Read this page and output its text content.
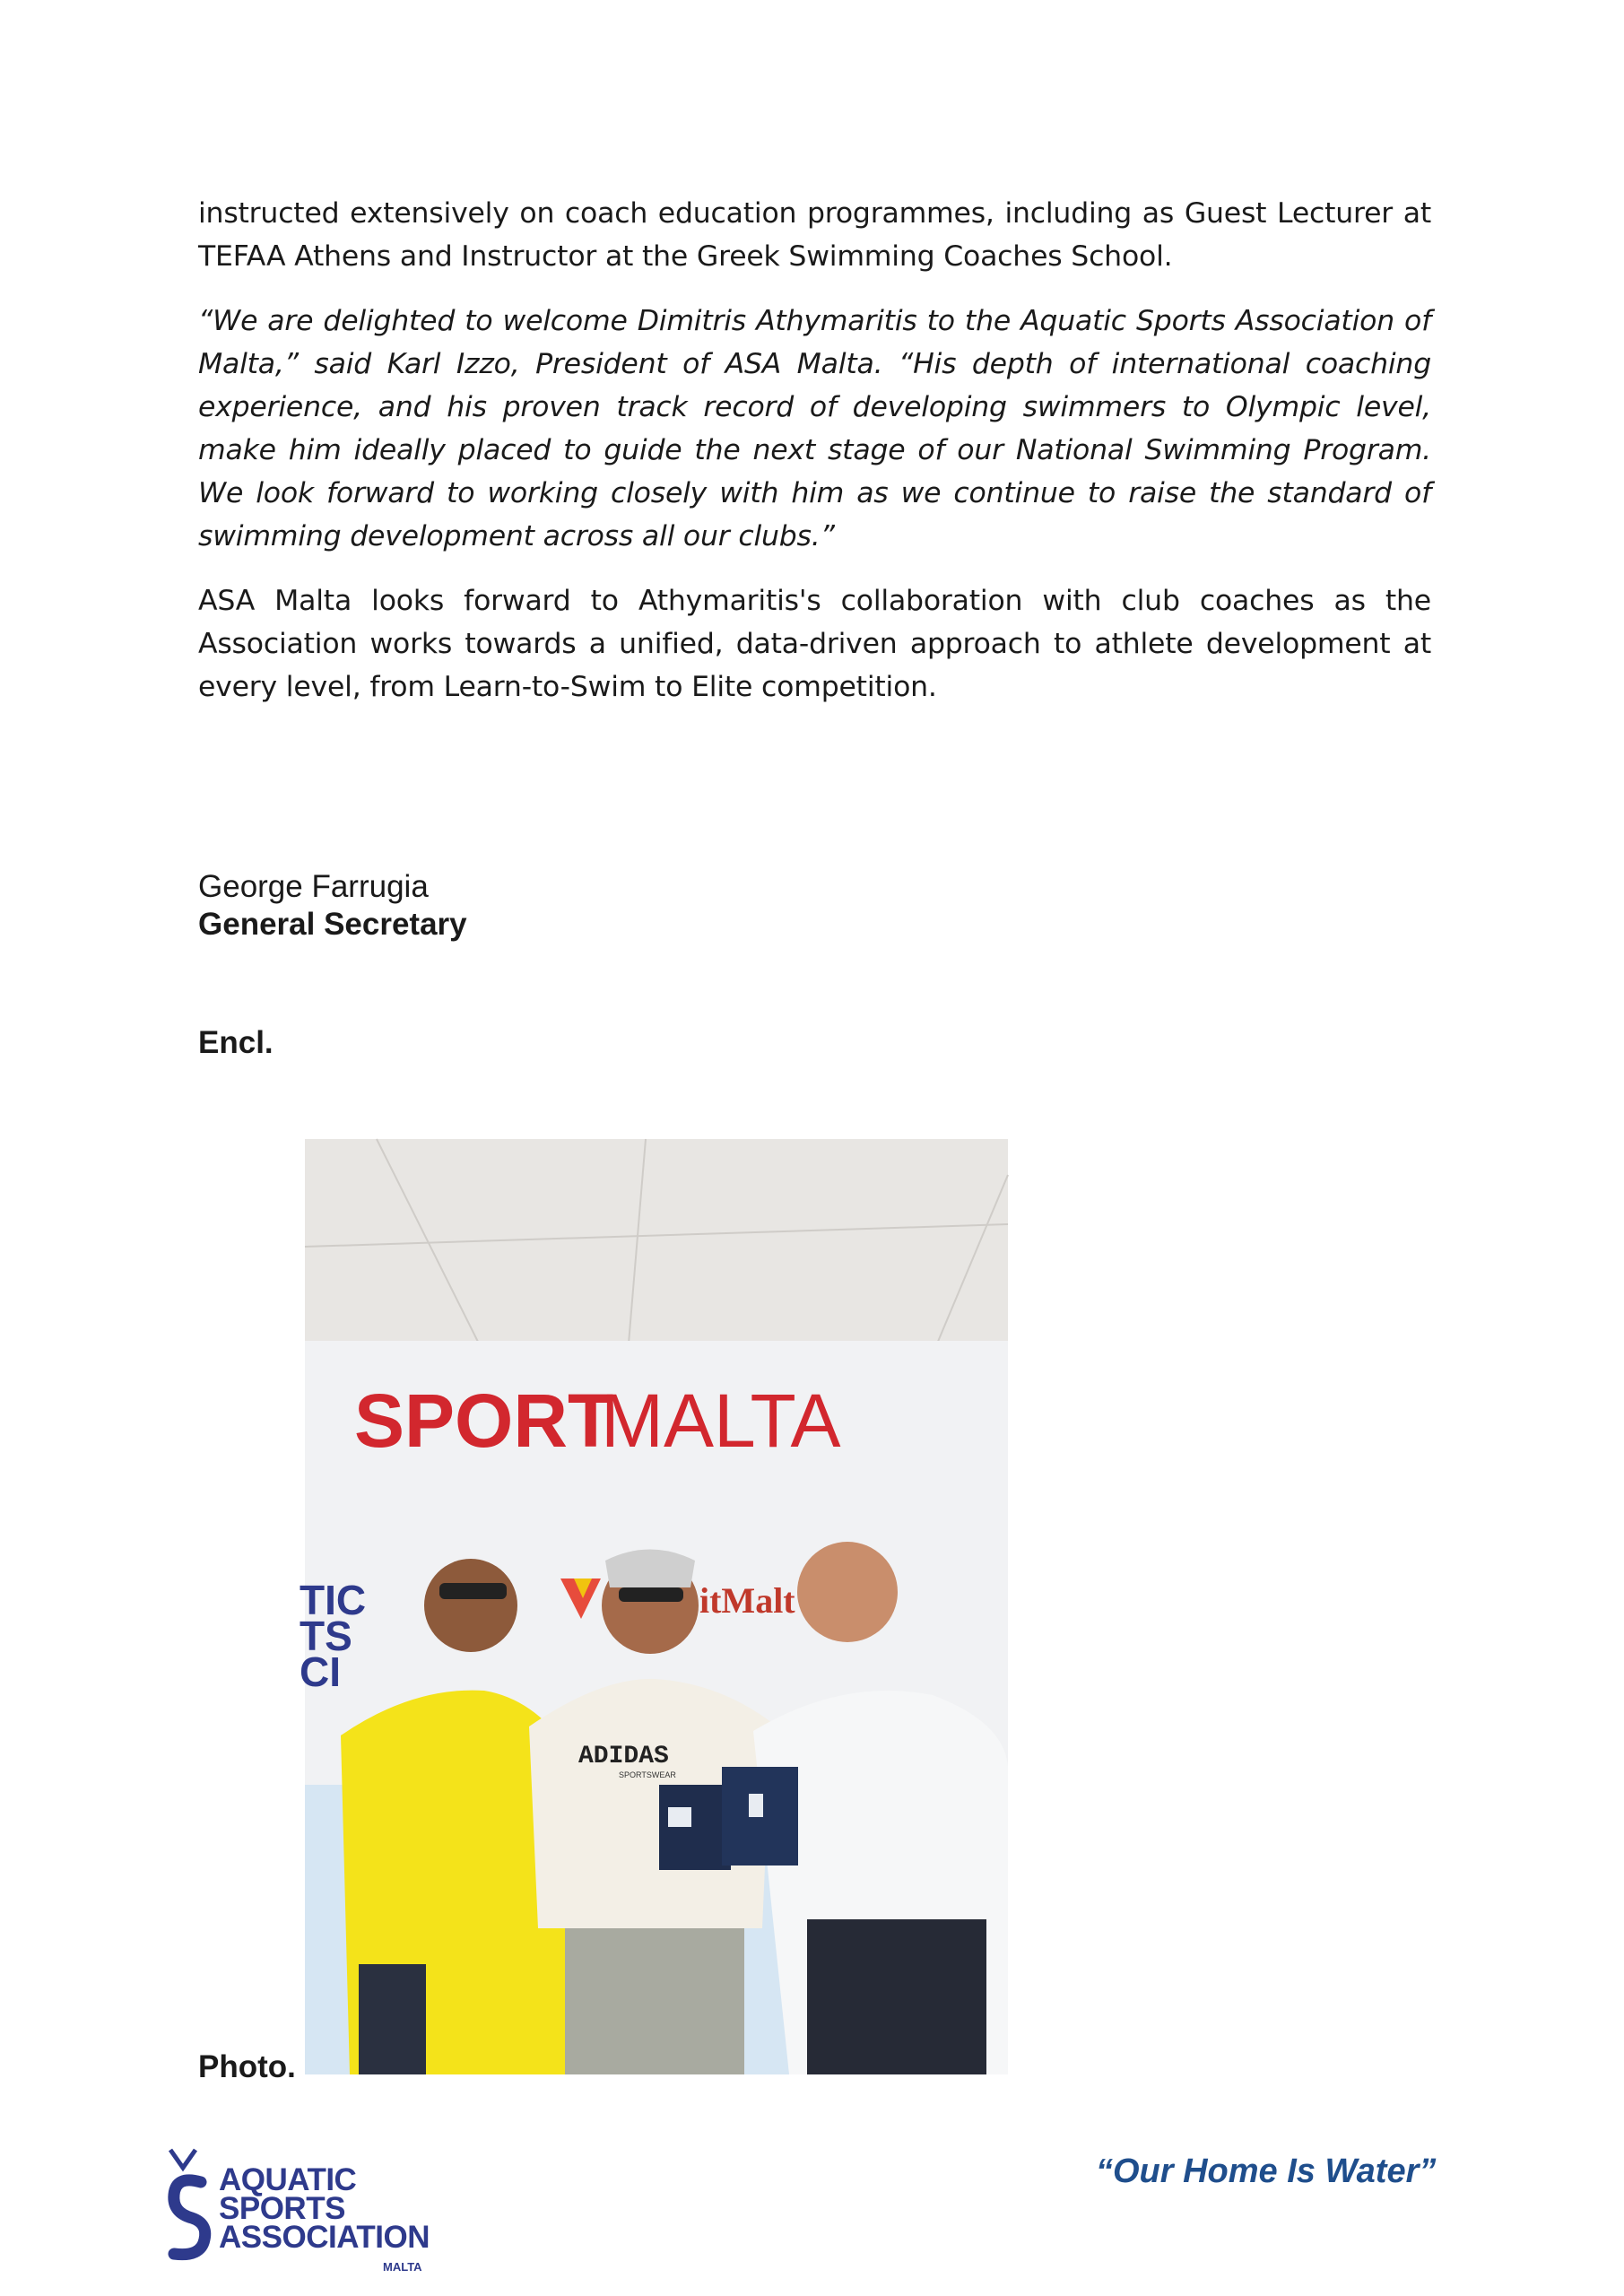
instructed extensively on coach education programmes, including as Guest Lecturer at TEFAA Athens and Instructor at the Greek Swimming Coaches School.

“We are delighted to welcome Dimitris Athymaritis to the Aquatic Sports Association of Malta,” said Karl Izzo, President of ASA Malta. “His depth of international coaching experience, and his proven track record of developing swimmers to Olympic level, make him ideally placed to guide the next stage of our National Swimming Program. We look forward to working closely with him as we continue to raise the standard of swimming development across all our clubs.”

ASA Malta looks forward to Athymaritis's collaboration with club coaches as the Association works towards a unified, data-driven approach to athlete development at every level, from Learn-to-Swim to Elite competition.

George Farrugia
General Secretary
Encl.
SPORT
MALTA
TIC
TS
CI
itMalt
ADIDAS
SPORTSWEAR
Photo.
AQUATIC
SPORTS
ASSOCIATION
MALTA
“Our Home Is Water”
